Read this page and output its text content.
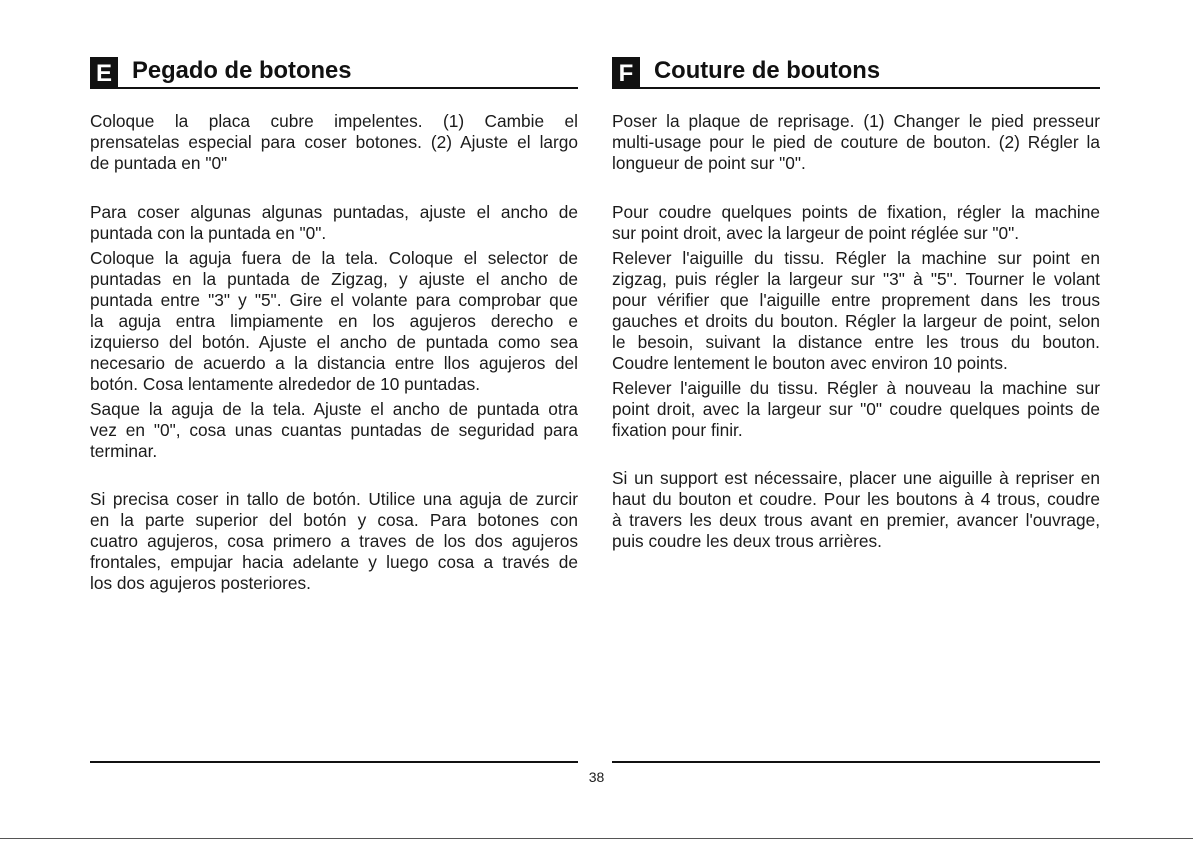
E Pegado de botones
Coloque la placa cubre impelentes. (1) Cambie el
prensatelas especial para coser botones. (2) Ajuste el largo
de puntada en "0"
Para coser algunas algunas puntadas, ajuste el ancho de
puntada con la puntada en "0".
Coloque la aguja fuera de la tela. Coloque el selector de
puntadas en la puntada de Zigzag, y ajuste el ancho de
puntada entre "3" y "5". Gire el volante para comprobar que
la aguja entra limpiamente en los agujeros derecho e
izquierso del botón. Ajuste el ancho de puntada como sea
necesario de acuerdo a la distancia entre llos agujeros del
botón. Cosa lentamente alrededor de 10 puntadas.
Saque la aguja de la tela. Ajuste el ancho de puntada otra
vez en "0", cosa unas cuantas puntadas de seguridad para
terminar.
Si precisa coser in tallo de botón. Utilice una aguja de zurcir
en la parte superior del botón y cosa. Para botones con
cuatro agujeros, cosa primero a traves de los dos agujeros
frontales, empujar hacia adelante y luego cosa a través de
los dos agujeros posteriores.
F Couture de boutons
Poser la plaque de reprisage. (1) Changer le pied presseur
multi-usage pour le pied de couture de bouton. (2) Régler la
longueur de point sur "0".
Pour coudre quelques points de fixation, régler la machine
sur point droit, avec la largeur de point réglée sur "0".
Relever l'aiguille du tissu. Régler la machine sur point en
zigzag, puis régler la largeur sur "3" à "5". Tourner le volant
pour vérifier que l'aiguille entre proprement dans les trous
gauches et droits du bouton. Régler la largeur de point, selon
le besoin, suivant la distance entre les trous du bouton.
Coudre lentement le bouton avec environ 10 points.
Relever l'aiguille du tissu. Régler à nouveau la machine sur
point droit, avec la largeur sur "0" coudre quelques points de
fixation pour finir.
Si un support est nécessaire, placer une aiguille à repriser en
haut du bouton et coudre. Pour les boutons à 4 trous, coudre
à travers les deux trous avant en premier, avancer l'ouvrage,
puis coudre les deux trous arrières.
38
